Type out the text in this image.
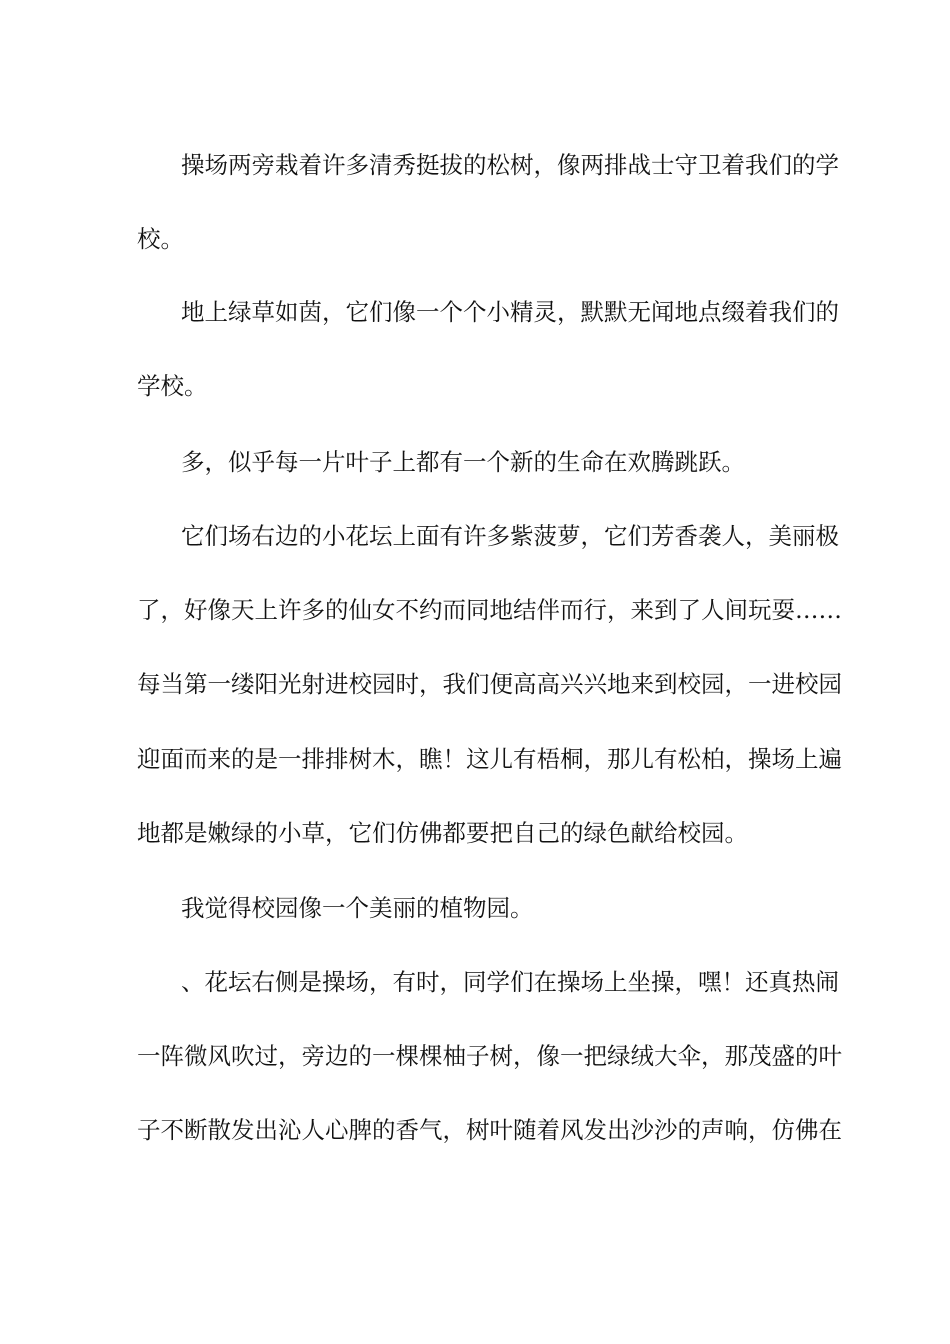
操场两旁栽着许多清秀挺拔的松树，像两排战士守卫着我们的学
校。
地上绿草如茵，它们像一个个小精灵，默默无闻地点缀着我们的
学校。
多，似乎每一片叶子上都有一个新的生命在欢腾跳跃。
它们场右边的小花坛上面有许多紫菠萝，它们芳香袭人，美丽极
了，好像天上许多的仙女不约而同地结伴而行，来到了人间玩耍……
每当第一缕阳光射进校园时，我们便高高兴兴地来到校园，一进校园
迎面而来的是一排排树木，瞧！这儿有梧桐，那儿有松柏，操场上遍
地都是嫩绿的小草，它们仿佛都要把自己的绿色献给校园。
我觉得校园像一个美丽的植物园。
、花坛右侧是操场，有时，同学们在操场上坐操，嘿！还真热闹
一阵微风吹过，旁边的一棵棵柚子树，像一把绿绒大伞，那茂盛的叶
子不断散发出沁人心脾的香气，树叶随着风发出沙沙的声响，仿佛在
